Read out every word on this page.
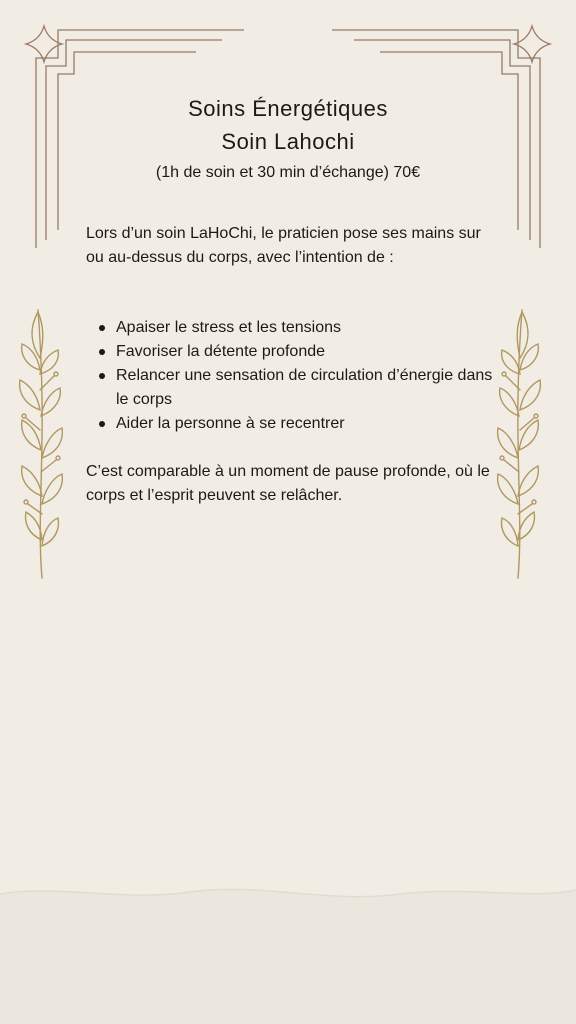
Soins Énergétiques
Soin Lahochi
(1h de soin et 30 min d’échange) 70€
Lors d’un soin LaHoChi, le praticien pose ses mains sur ou au-dessus du corps, avec l’intention de :
Apaiser le stress et les tensions
Favoriser la détente profonde
Relancer une sensation de circulation d’énergie dans le corps
Aider la personne à se recentrer
C’est comparable à un moment de pause profonde, où le corps et l’esprit peuvent se relâcher.
